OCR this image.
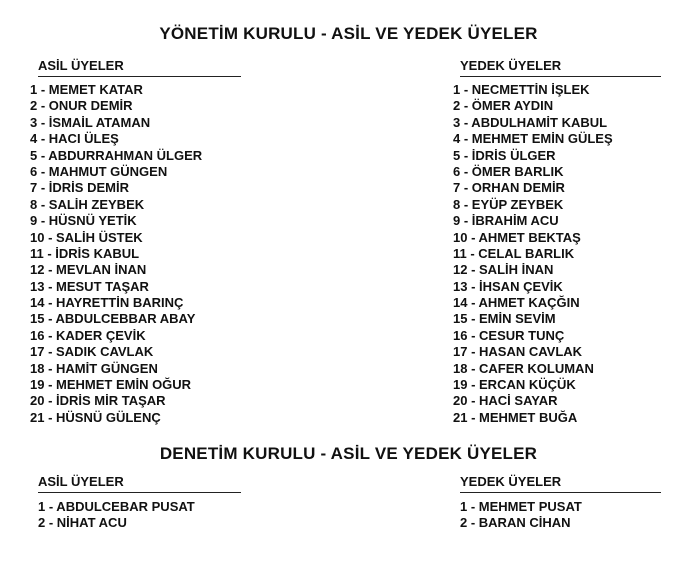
YÖNETİM KURULU - ASİL VE YEDEK ÜYELER
ASİL ÜYELER	YEDEK ÜYELER
1 - MEMET KATAR
2 - ONUR DEMİR
3 - İSMAİL ATAMAN
4 - HACI ÜLEŞ
5 - ABDURRAHMAN ÜLGER
6 - MAHMUT GÜNGEN
7 - İDRİS DEMİR
8 - SALİH ZEYBEK
9 - HÜSNÜ YETİK
10 - SALİH ÜSTEK
11 - İDRİS KABUL
12 - MEVLAN İNAN
13 - MESUT TAŞAR
14 - HAYRETTİN BARINÇ
15 - ABDULCEBBAR ABAY
16 - KADER ÇEVİK
17 - SADIK CAVLAK
18 - HAMİT GÜNGEN
19 - MEHMET EMİN OĞUR
20 - İDRİS MİR TAŞAR
21 - HÜSNÜ GÜLENÇ
1 - NECMETTİN İŞLEK
2 - ÖMER AYDIN
3 - ABDULHAMİT KABUL
4 - MEHMET EMİN GÜLEŞ
5 - İDRİS ÜLGER
6 - ÖMER BARLIK
7 - ORHAN DEMİR
8 - EYÜP ZEYBEK
9 - İBRAHİM ACU
10 - AHMET BEKTAŞ
11 - CELAL BARLIK
12 - SALİH İNAN
13 - İHSAN ÇEVİK
14 - AHMET KAÇĞIN
15 - EMİN SEVİM
16 - CESUR TUNÇ
17 - HASAN CAVLAK
18 - CAFER KOLUMAN
19 - ERCAN KÜÇÜK
20 - HACİ SAYAR
21 - MEHMET BUĞA
DENETİM KURULU - ASİL VE YEDEK ÜYELER
ASİL ÜYELER	YEDEK ÜYELER
1 - ABDULCEBAR PUSAT
2 - NİHAT ACU
1 - MEHMET PUSAT
2 - BARAN CİHAN
